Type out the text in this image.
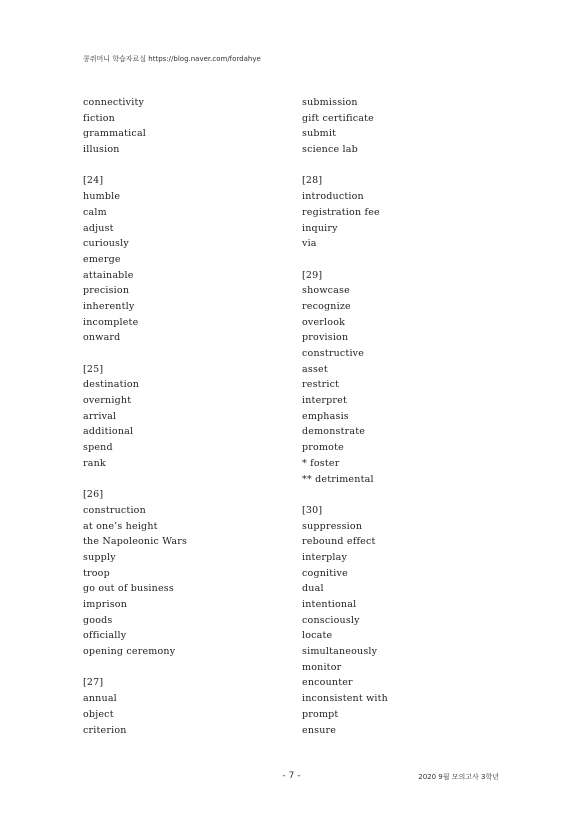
콩쥐머니 학습자료실 https://blog.naver.com/fordahye
connectivity
fiction
grammatical
illusion
[24]
humble
calm
adjust
curiously
emerge
attainable
precision
inherently
incomplete
onward
[25]
destination
overnight
arrival
additional
spend
rank
[26]
construction
at one’s height
the Napoleonic Wars
supply
troop
go out of business
imprison
goods
officially
opening ceremony
[27]
annual
object
criterion
submission
gift certificate
submit
science lab
[28]
introduction
registration fee
inquiry
via
[29]
showcase
recognize
overlook
provision
constructive
asset
restrict
interpret
emphasis
demonstrate
promote
* foster
** detrimental
[30]
suppression
rebound effect
interplay
cognitive
dual
intentional
consciously
locate
simultaneously
monitor
encounter
inconsistent with
prompt
ensure
- 7 -	2020 9월 모의고사 3학년
